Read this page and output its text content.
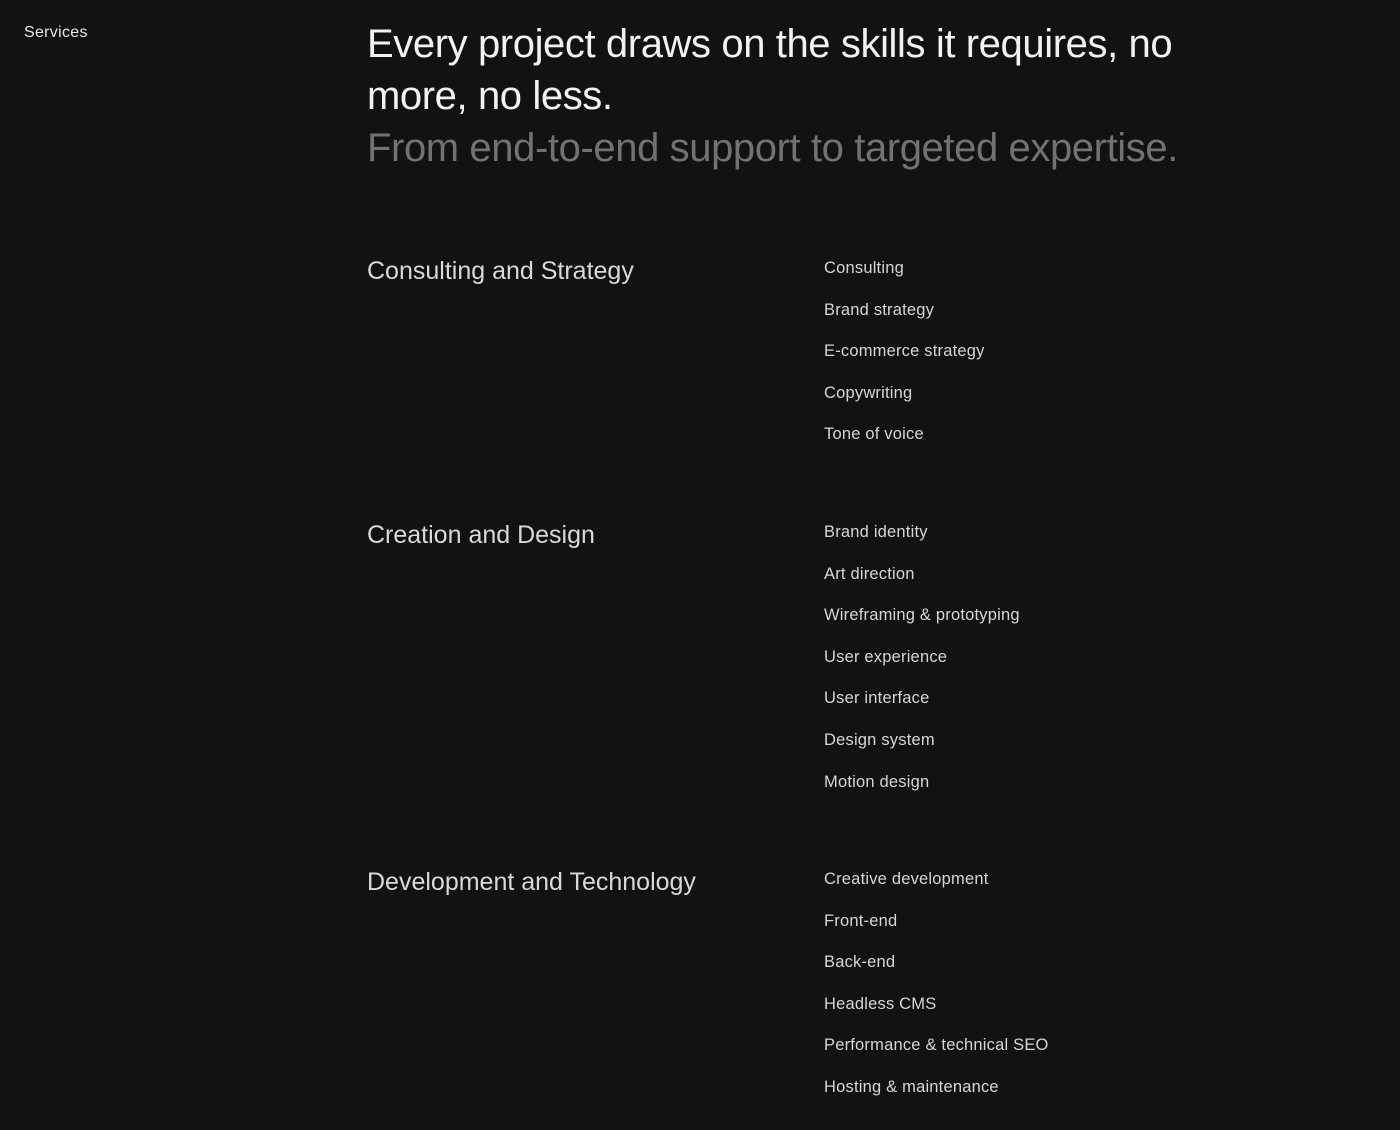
Services	Every project draws on the skills it requires, no more, no less.
From end-to-end support to targeted expertise.
Consulting and Strategy	Consulting
Brand strategy
E-commerce strategy
Copywriting
Tone of voice
Creation and Design	Brand identity
Art direction
Wireframing & prototyping
User experience
User interface
Design system
Motion design
Development and Technology	Creative development
Front-end
Back-end
Headless CMS
Performance & technical SEO
Hosting & maintenance
